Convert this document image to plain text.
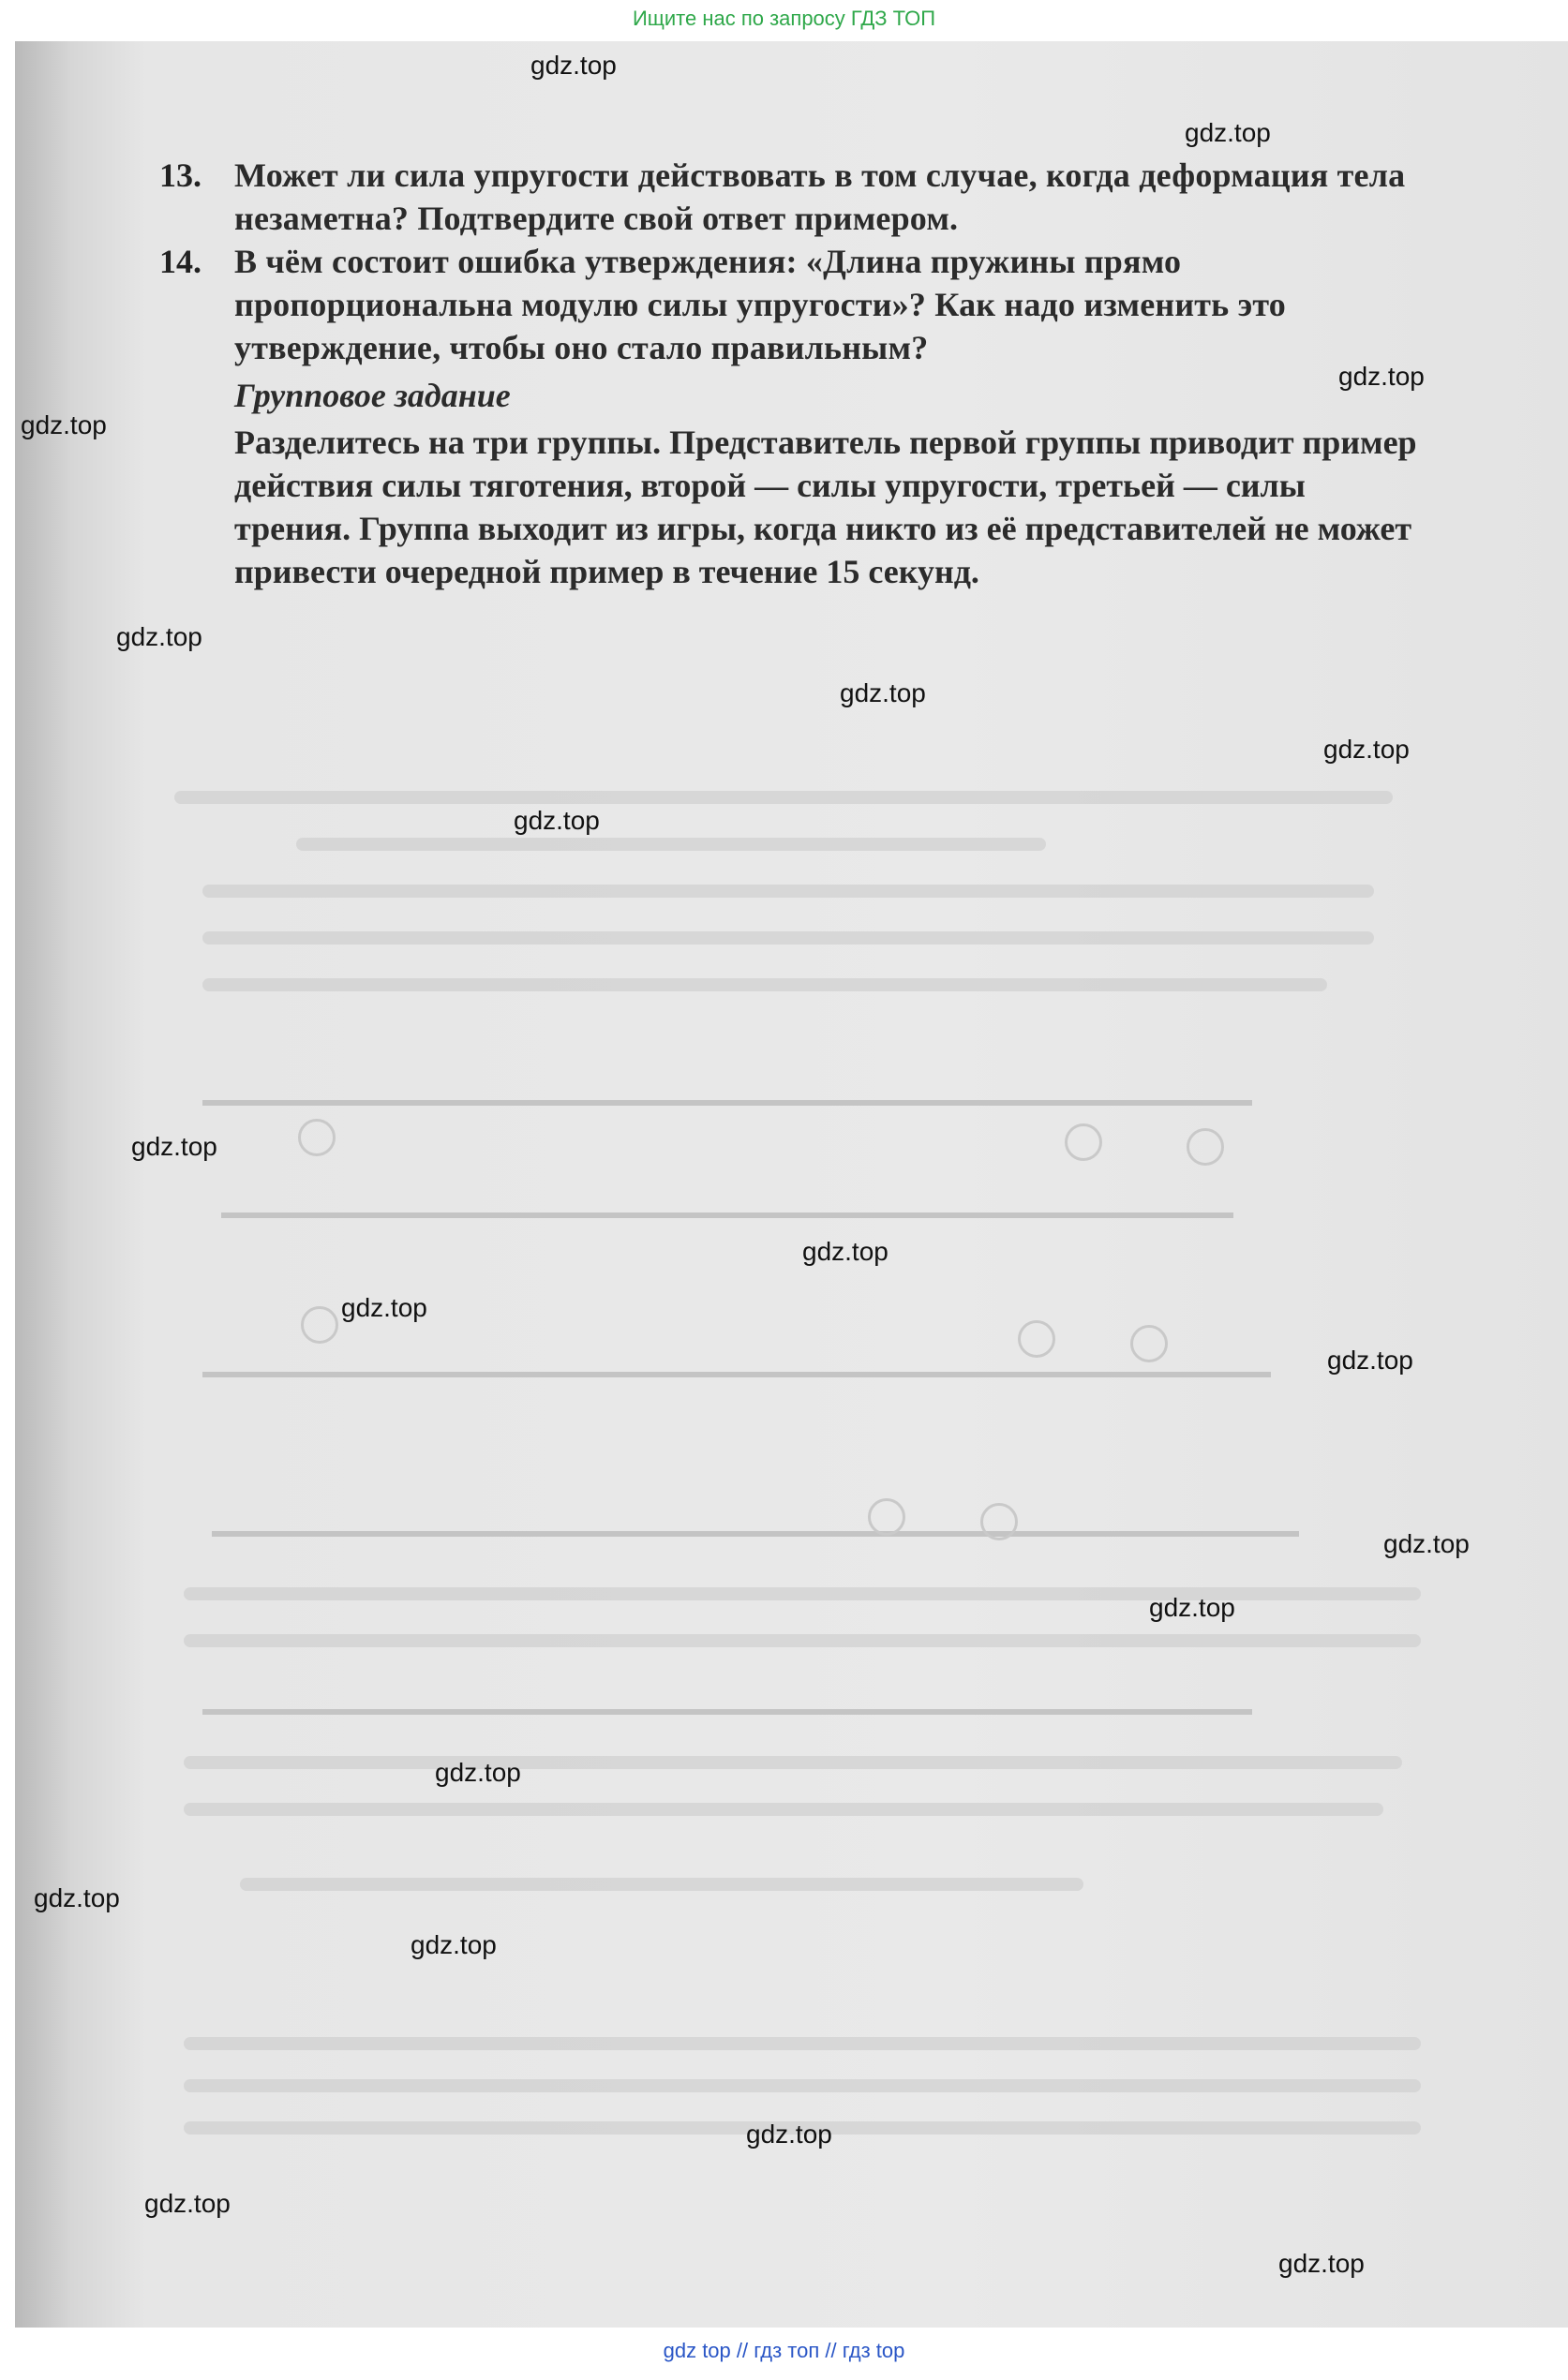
Ищите нас по запросу ГДЗ ТОП
13. Может ли сила упругости действовать в том случае, когда деформация тела незаметна? Подтвердите свой ответ примером.
14. В чём состоит ошибка утверждения: «Длина пружины прямо пропорциональна модулю силы упругости»? Как надо изменить это утверждение, чтобы оно стало правильным?
Групповое задание
Разделитесь на три группы. Представитель первой группы приводит пример действия силы тяготения, второй — силы упругости, третьей — силы трения. Группа выходит из игры, когда никто из её представителей не может привести очередной пример в течение 15 секунд.
gdz.top
gdz.top
gdz.top
gdz.top
gdz.top
gdz.top
gdz.top
gdz.top
gdz.top
gdz.top
gdz.top
gdz.top
gdz.top
gdz.top
gdz.top
gdz.top
gdz.top
gdz.top
gdz.top
gdz.top
gdz top // гдз топ // гдз top
